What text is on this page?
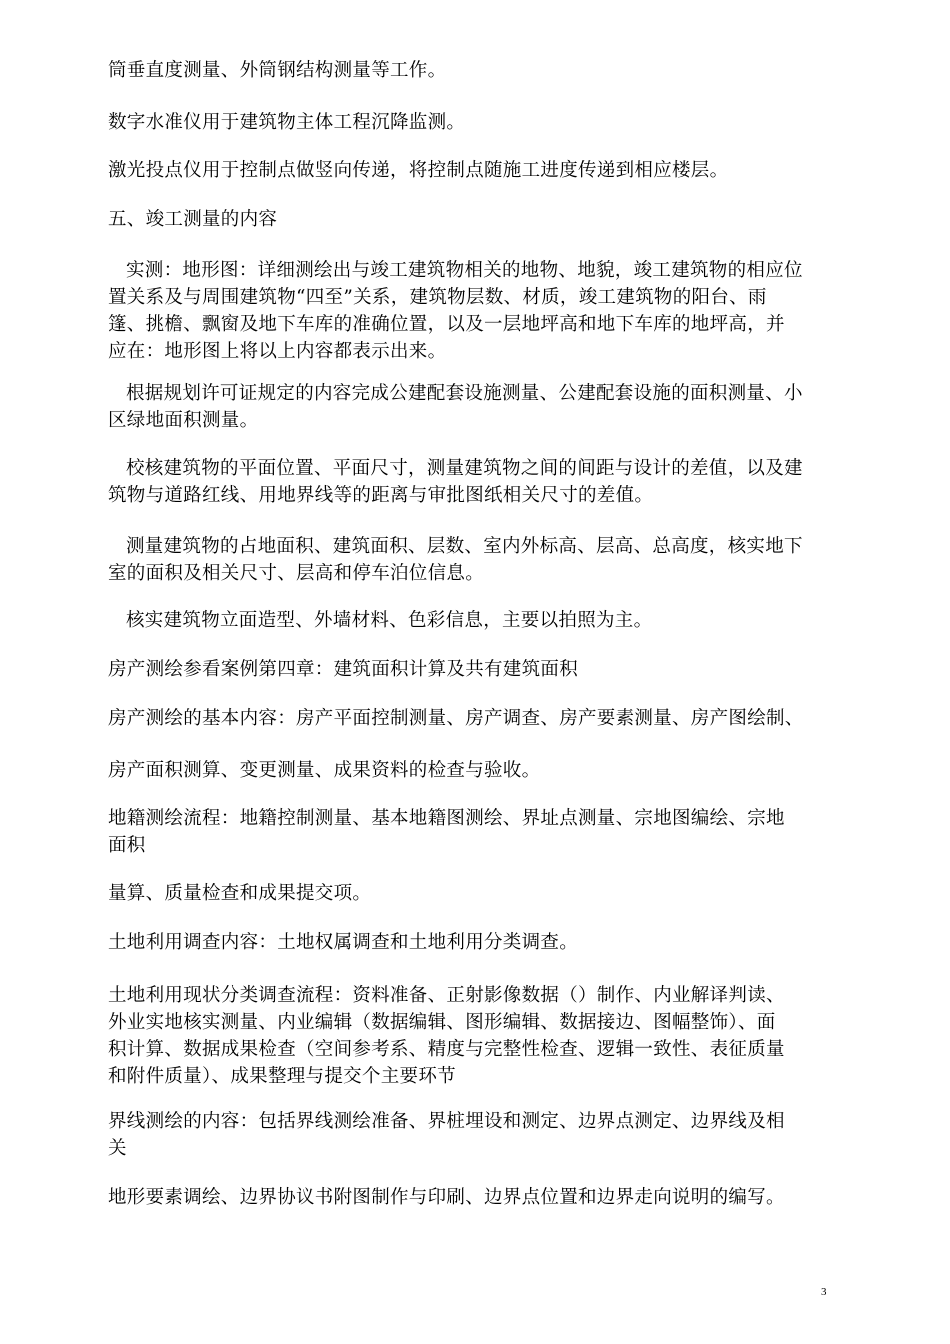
筒垂直度测量、外筒钢结构测量等工作。
数字水准仪用于建筑物主体工程沉降监测。
激光投点仪用于控制点做竖向传递，将控制点随施工进度传递到相应楼层。
五、竣工测量的内容
实测：地形图：详细测绘出与竣工建筑物相关的地物、地貌，竣工建筑物的相应位
置关系及与周围建筑物“四至”关系，建筑物层数、材质，竣工建筑物的阳台、雨
篷、挑檐、飘窗及地下车库的准确位置，以及一层地坪高和地下车库的地坪高，并
应在：地形图上将以上内容都表示出来。
根据规划许可证规定的内容完成公建配套设施测量、公建配套设施的面积测量、小
区绿地面积测量。
校核建筑物的平面位置、平面尺寸，测量建筑物之间的间距与设计的差值，以及建
筑物与道路红线、用地界线等的距离与审批图纸相关尺寸的差值。
测量建筑物的占地面积、建筑面积、层数、室内外标高、层高、总高度，核实地下
室的面积及相关尺寸、层高和停车泊位信息。
核实建筑物立面造型、外墙材料、色彩信息，主要以拍照为主。
房产测绘参看案例第四章：建筑面积计算及共有建筑面积
房产测绘的基本内容：房产平面控制测量、房产调查、房产要素测量、房产图绘制、
房产面积测算、变更测量、成果资料的检查与验收。
地籍测绘流程：地籍控制测量、基本地籍图测绘、界址点测量、宗地图编绘、宗地
面积
量算、质量检查和成果提交项。
土地利用调查内容：土地权属调查和土地利用分类调查。
土地利用现状分类调查流程：资料准备、正射影像数据（）制作、内业解译判读、
外业实地核实测量、内业编辑（数据编辑、图形编辑、数据接边、图幅整饰）、面
积计算、数据成果检查（空间参考系、精度与完整性检查、逻辑一致性、表征质量
和附件质量）、成果整理与提交个主要环节
界线测绘的内容：包括界线测绘准备、界桩埋设和测定、边界点测定、边界线及相
关
地形要素调绘、边界协议书附图制作与印刷、边界点位置和边界走向说明的编写。
3
